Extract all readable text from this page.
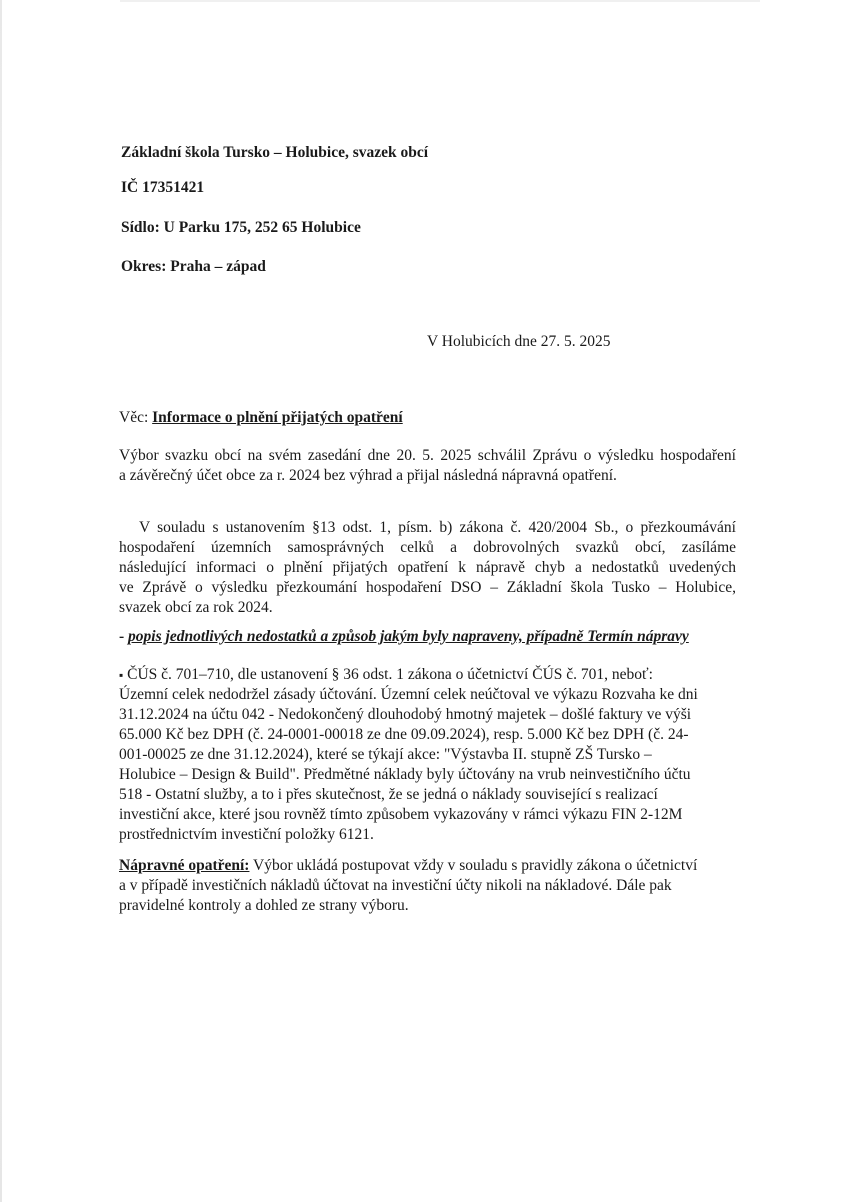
Základní škola Tursko – Holubice, svazek obcí
IČ 17351421
Sídlo: U Parku 175, 252 65 Holubice
Okres: Praha – západ
V Holubicích dne 27. 5. 2025
Věc: Informace o plnění přijatých opatření
Výbor svazku obcí na svém zasedání dne 20. 5. 2025 schválil Zprávu o výsledku hospodaření
a závěrečný účet obce za r. 2024 bez výhrad a přijal následná nápravná opatření.
V souladu s ustanovením §13 odst. 1, písm. b) zákona č. 420/2004 Sb., o přezkoumávání
hospodaření územních samosprávných celků a dobrovolných svazků obcí, zasíláme
následující informaci o plnění přijatých opatření k nápravě chyb a nedostatků uvedených
ve Zprávě o výsledku přezkoumání hospodaření DSO – Základní škola Tusko – Holubice,
svazek obcí za rok 2024.
- popis jednotlivých nedostatků a způsob jakým byly napraveny, případně Termín nápravy
▪ ČÚS č. 701–710, dle ustanovení § 36 odst. 1 zákona o účetnictví ČÚS č. 701, neboť:
Územní celek nedodržel zásady účtování. Územní celek neúčtoval ve výkazu Rozvaha ke dni
31.12.2024 na účtu 042 - Nedokončený dlouhodobý hmotný majetek – došlé faktury ve výši
65.000 Kč bez DPH (č. 24-0001-00018 ze dne 09.09.2024), resp. 5.000 Kč bez DPH (č. 24-
001-00025 ze dne 31.12.2024), které se týkají akce: "Výstavba II. stupně ZŠ Tursko –
Holubice – Design & Build". Předmětné náklady byly účtovány na vrub neinvestičního účtu
518 - Ostatní služby, a to i přes skutečnost, že se jedná o náklady související s realizací
investiční akce, které jsou rovněž tímto způsobem vykazovány v rámci výkazu FIN 2-12M
prostřednictvím investiční položky 6121.
Nápravné opatření: Výbor ukládá postupovat vždy v souladu s pravidly zákona o účetnictví
a v případě investičních nákladů účtovat na investiční účty nikoli na nákladové. Dále pak
pravidelné kontroly a dohled ze strany výboru.
